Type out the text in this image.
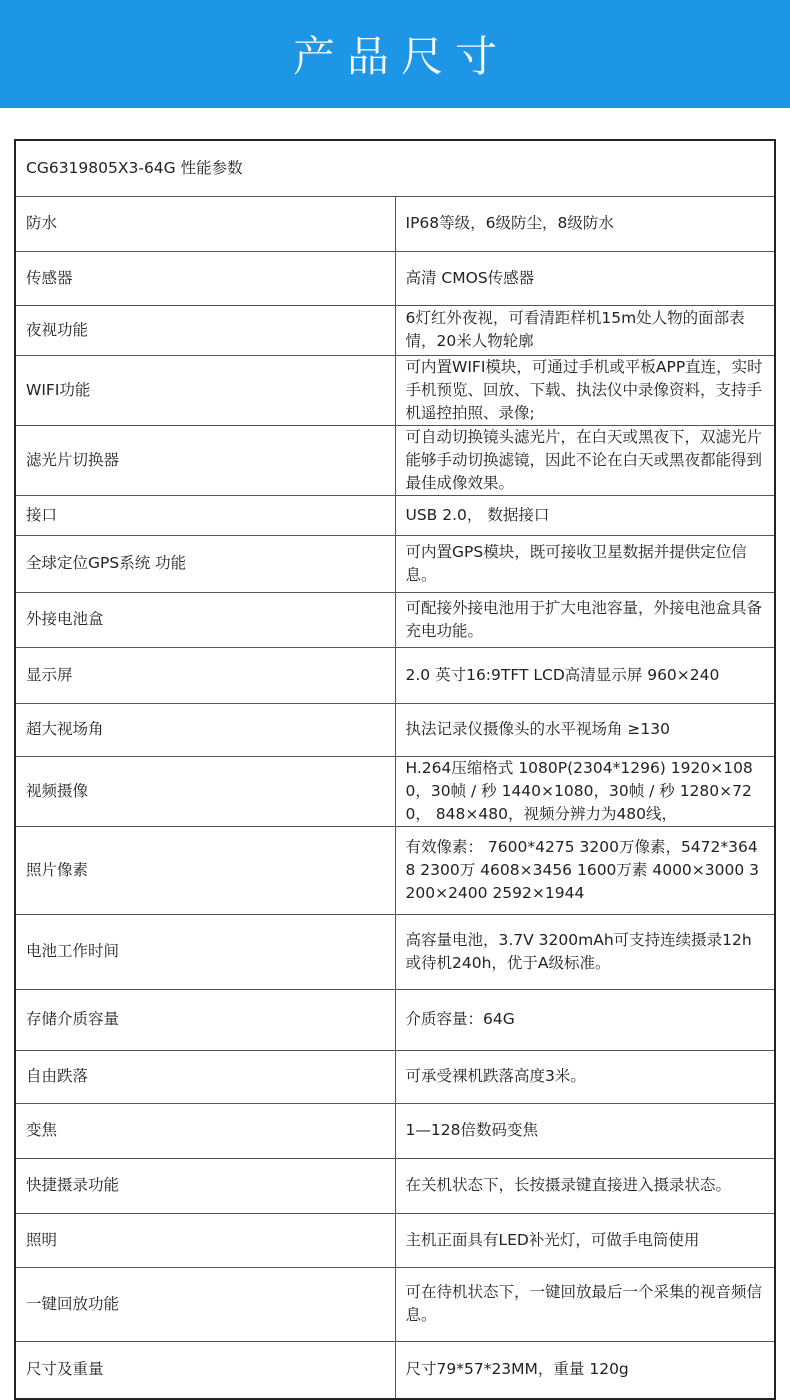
产品尺寸
CG6319805X3-64G 性能参数	
防水	IP68等级，6级防尘，8级防水
传感器	高清 CMOS传感器
夜视功能	6灯红外夜视，可看清距样机15m处人物的面部表情，20米人物轮廓
WIFI功能	可内置WIFI模块，可通过手机或平板APP直连，实时手机预览、回放、下载、执法仪中录像资料，支持手机遥控拍照、录像;
滤光片切换器	可自动切换镜头滤光片，在白天或黑夜下，双滤光片能够手动切换滤镜，因此不论在白天或黑夜都能得到最佳成像效果。
接口	USB 2.0， 数据接口
全球定位GPS系统 功能	可内置GPS模块，既可接收卫星数据并提供定位信息。
外接电池盒	可配接外接电池用于扩大电池容量，外接电池盒具备充电功能。
显示屏	2.0 英寸16:9TFT LCD高清显示屏 960×240
超大视场角	执法记录仪摄像头的水平视场角 ≥130
视频摄像	H.264压缩格式 1080P(2304*1296) 1920×1080，30帧 / 秒 1440×1080，30帧 / 秒 1280×720， 848×480，视频分辨力为480线，
照片像素	有效像素： 7600*4275 3200万像素，5472*3648 2300万 4608×3456 1600万素 4000×3000 3200×2400 2592×1944
电池工作时间	高容量电池，3.7V 3200mAh可支持连续摄录12h或待机240h，优于A级标准。
存储介质容量	介质容量：64G
自由跌落	可承受裸机跌落高度3米。
变焦	1—128倍数码变焦
快捷摄录功能	在关机状态下，长按摄录键直接进入摄录状态。
照明	主机正面具有LED补光灯，可做手电筒使用
一键回放功能	可在待机状态下，一键回放最后一个采集的视音频信息。
尺寸及重量	尺寸79*57*23MM，重量 120g
